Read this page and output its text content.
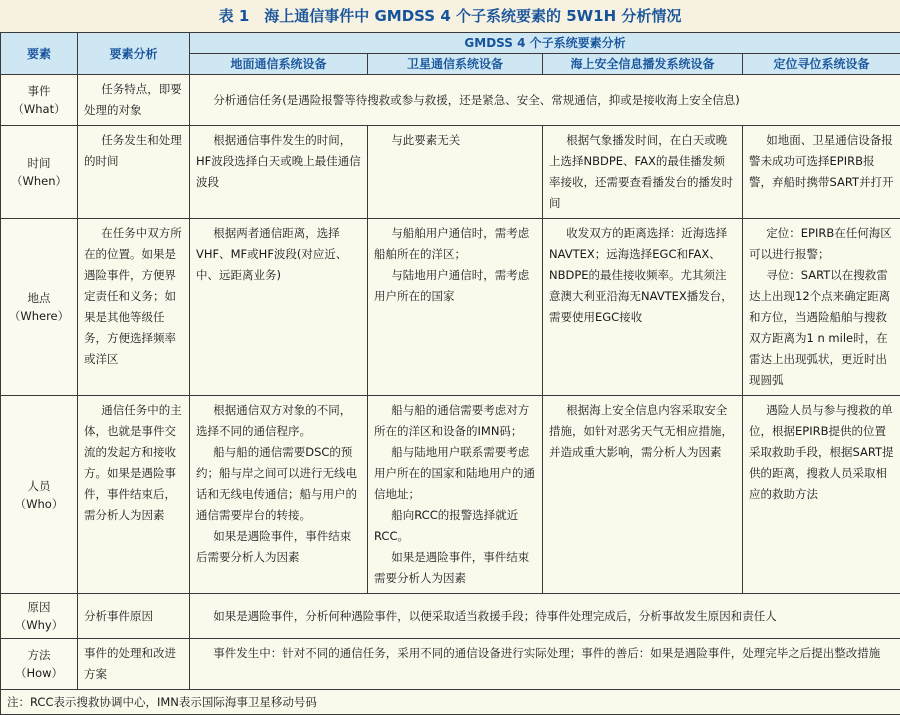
表 1　海上通信事件中 GMDSS 4 个子系统要素的 5W1H 分析情况
要素	要素分析	GMDSS 4 个子系统要素分析			
		地面通信系统设备	卫星通信系统设备	海上安全信息播发系统设备	定位寻位系统设备
事件（What）	任务特点，即要处理的对象	分析通信任务(是遇险报警等待搜救或参与救援，还是紧急、安全、常规通信，抑或是接收海上安全信息)			
时间（When）	任务发生和处理的时间	根据通信事件发生的时间，HF波段选择白天或晚上最佳通信波段	与此要素无关	根据气象播发时间，在白天或晚上选择NBDPE、FAX的最佳播发频率接收，还需要查看播发台的播发时间	如地面、卫星通信设备报警未成功可选择EPIRB报警，弃船时携带SART并打开
地点（Where）	在任务中双方所在的位置。如果是遇险事件，方便界定责任和义务；如果是其他等级任务，方便选择频率或洋区	根据两者通信距离，选择VHF、MF或HF波段(对应近、中、远距离业务)	与船舶用户通信时，需考虑船舶所在的洋区；
与陆地用户通信时，需考虑用户所在的国家	收发双方的距离选择：近海选择NAVTEX；远海选择EGC和FAX、NBDPE的最佳接收频率。尤其须注意澳大利亚沿海无NAVTEX播发台，需要使用EGC接收	定位：EPIRB在任何海区可以进行报警；
寻位：SART以在搜救雷达上出现12个点来确定距离和方位，当遇险船舶与搜救双方距离为1 n mile时，在雷达上出现弧状，更近时出现圆弧

人员（Who）	通信任务中的主体，也就是事件交流的发起方和接收方。如果是遇险事件，事件结束后，需分析人为因素	根据通信双方对象的不同，选择不同的通信程序。
船与船的通信需要DSC的预约；船与岸之间可以进行无线电话和无线电传通信；船与用户的通信需要岸台的转接。
如果是遇险事件，事件结束后需要分析人为因素	船与船的通信需要考虑对方所在的洋区和设备的IMN码；
船与陆地用户联系需要考虑用户所在的国家和陆地用户的通信地址；
船向RCC的报警选择就近RCC。
如果是遇险事件，事件结束需要分析人为因素	根据海上安全信息内容采取安全措施，如针对恶劣天气无相应措施，并造成重大影响，需分析人为因素	遇险人员与参与搜救的单位，根据EPIRB提供的位置采取救助手段，根据SART提供的距离，搜救人员采取相应的救助方法
原因（Why）	分析事件原因	如果是遇险事件，分析何种遇险事件，以便采取适当救援手段；待事件处理完成后，分析事故发生原因和责任人			
方法（How）	事件的处理和改进方案	事件发生中：针对不同的通信任务，采用不同的通信设备进行实际处理；事件的善后：如果是遇险事件，处理完毕之后提出整改措施			
注：RCC表示搜救协调中心，IMN表示国际海事卫星移动号码					
